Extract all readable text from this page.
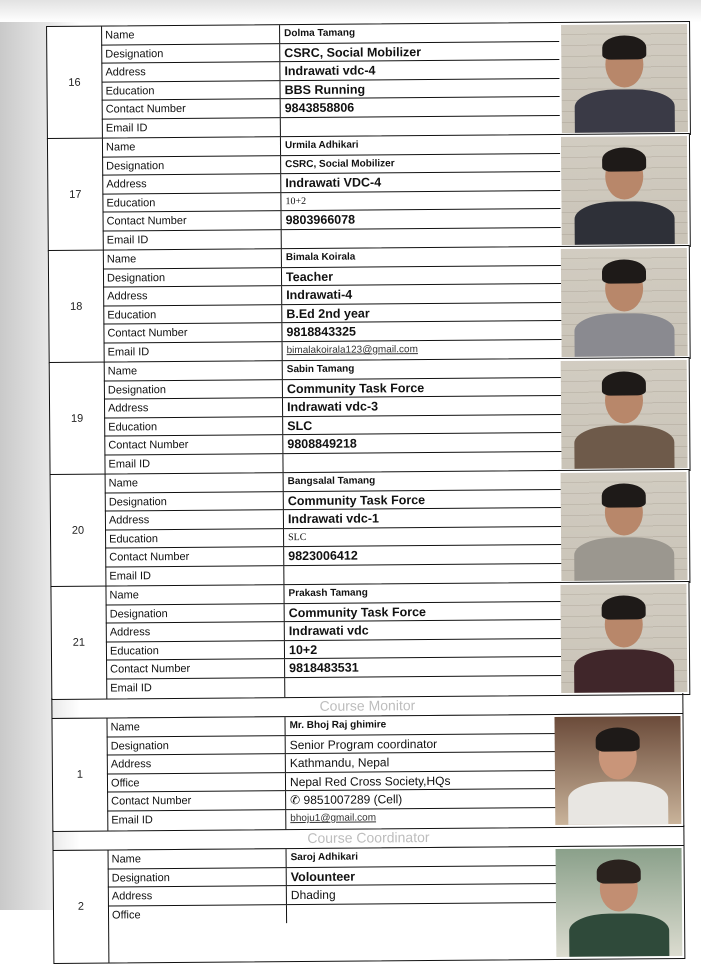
16
Name	Dolma Tamang
Designation	CSRC, Social Mobilizer
Address	Indrawati vdc-4
Education	BBS Running
Contact Number	9843858806
Email ID
17
Name	Urmila Adhikari
Designation	CSRC, Social Mobilizer
Address	Indrawati VDC-4
Education	10+2
Contact Number	9803966078
Email ID
18
Name	Bimala Koirala
Designation	Teacher
Address	Indrawati-4
Education	B.Ed 2nd year
Contact Number	9818843325
Email ID	bimalakoirala123@gmail.com
19
Name	Sabin Tamang
Designation	Community Task Force
Address	Indrawati vdc-3
Education	SLC
Contact Number	9808849218
Email ID
20
Name	Bangsalal Tamang
Designation	Community Task Force
Address	Indrawati vdc-1
Education	SLC
Contact Number	9823006412
Email ID
21
Name	Prakash Tamang
Designation	Community Task Force
Address	Indrawati vdc
Education	10+2
Contact Number	9818483531
Email ID
Course Monitor
1
Name	Mr. Bhoj Raj ghimire
Designation	Senior Program coordinator
Address	Kathmandu, Nepal
Office	Nepal Red Cross Society,HQs
Contact Number	✆ 9851007289 (Cell)
Email ID	bhoju1@gmail.com
Course Coordinator
2
Name	Saroj Adhikari
Designation	Volounteer
Address	Dhading
Office
